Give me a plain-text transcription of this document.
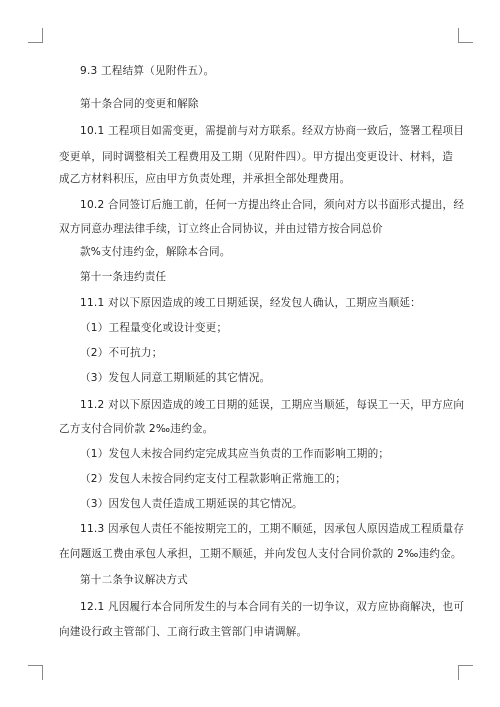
9.3 工程结算（见附件五）。
第十条合同的变更和解除
10.1 工程项目如需变更，需提前与对方联系。经双方协商一致后，签署工程项目
变更单，同时调整相关工程费用及工期（见附件四）。甲方提出变更设计、材料，造
成乙方材料积压，应由甲方负责处理，并承担全部处理费用。
10.2 合同签订后施工前，任何一方提出终止合同，须向对方以书面形式提出，经
双方同意办理法律手续，订立终止合同协议，并由过错方按合同总价
款%支付违约金，解除本合同。
第十一条违约责任
11.1 对以下原因造成的竣工日期延误，经发包人确认，工期应当顺延：
（1）工程量变化或设计变更；
（2）不可抗力；
（3）发包人同意工期顺延的其它情况。
11.2 对以下原因造成的竣工日期的延误，工期应当顺延，每误工一天，甲方应向
乙方支付合同价款 2‰违约金。
（1）发包人未按合同约定完成其应当负责的工作而影响工期的；
（2）发包人未按合同约定支付工程款影响正常施工的；
（3）因发包人责任造成工期延误的其它情况。
11.3 因承包人责任不能按期完工的，工期不顺延，因承包人原因造成工程质量存
在问题返工费由承包人承担，工期不顺延，并向发包人支付合同价款的 2‰违约金。
第十二条争议解决方式
12.1 凡因履行本合同所发生的与本合同有关的一切争议，双方应协商解决，也可
向建设行政主管部门、工商行政主管部门申请调解。
